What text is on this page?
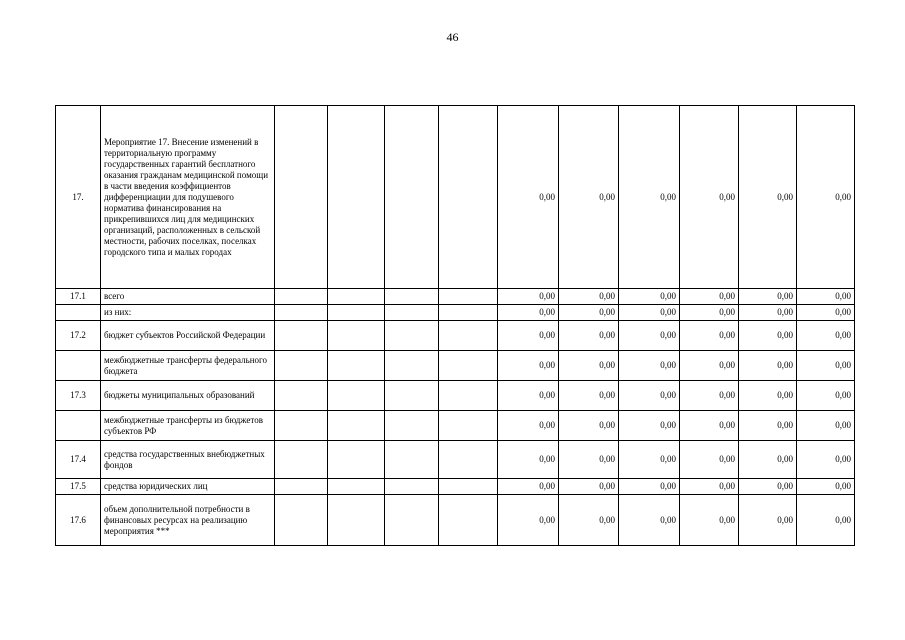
46
17.	Мероприятие 17. Внесение изменений в территориальную программу государственных гарантий бесплатного оказания гражданам медицинской помощи в части введения коэффициентов дифференциации для подушевого норматива финансирования на прикрепившихся лиц для медицинских организаций, расположенных в сельской местности, рабочих поселках, поселках городского типа и малых городах					0,00	0,00	0,00	0,00	0,00	0,00
17.1	всего					0,00	0,00	0,00	0,00	0,00	0,00
	из них:					0,00	0,00	0,00	0,00	0,00	0,00
17.2	бюджет субъектов Российской Федерации					0,00	0,00	0,00	0,00	0,00	0,00
	межбюджетные трансферты федерального бюджета					0,00	0,00	0,00	0,00	0,00	0,00
17.3	бюджеты муниципальных образований					0,00	0,00	0,00	0,00	0,00	0,00
	межбюджетные трансферты из бюджетов субъектов РФ					0,00	0,00	0,00	0,00	0,00	0,00
17.4	средства государственных внебюджетных фондов					0,00	0,00	0,00	0,00	0,00	0,00
17.5	средства юридических лиц					0,00	0,00	0,00	0,00	0,00	0,00
17.6	объем дополнительной потребности в финансовых ресурсах на реализацию мероприятия ***					0,00	0,00	0,00	0,00	0,00	0,00
